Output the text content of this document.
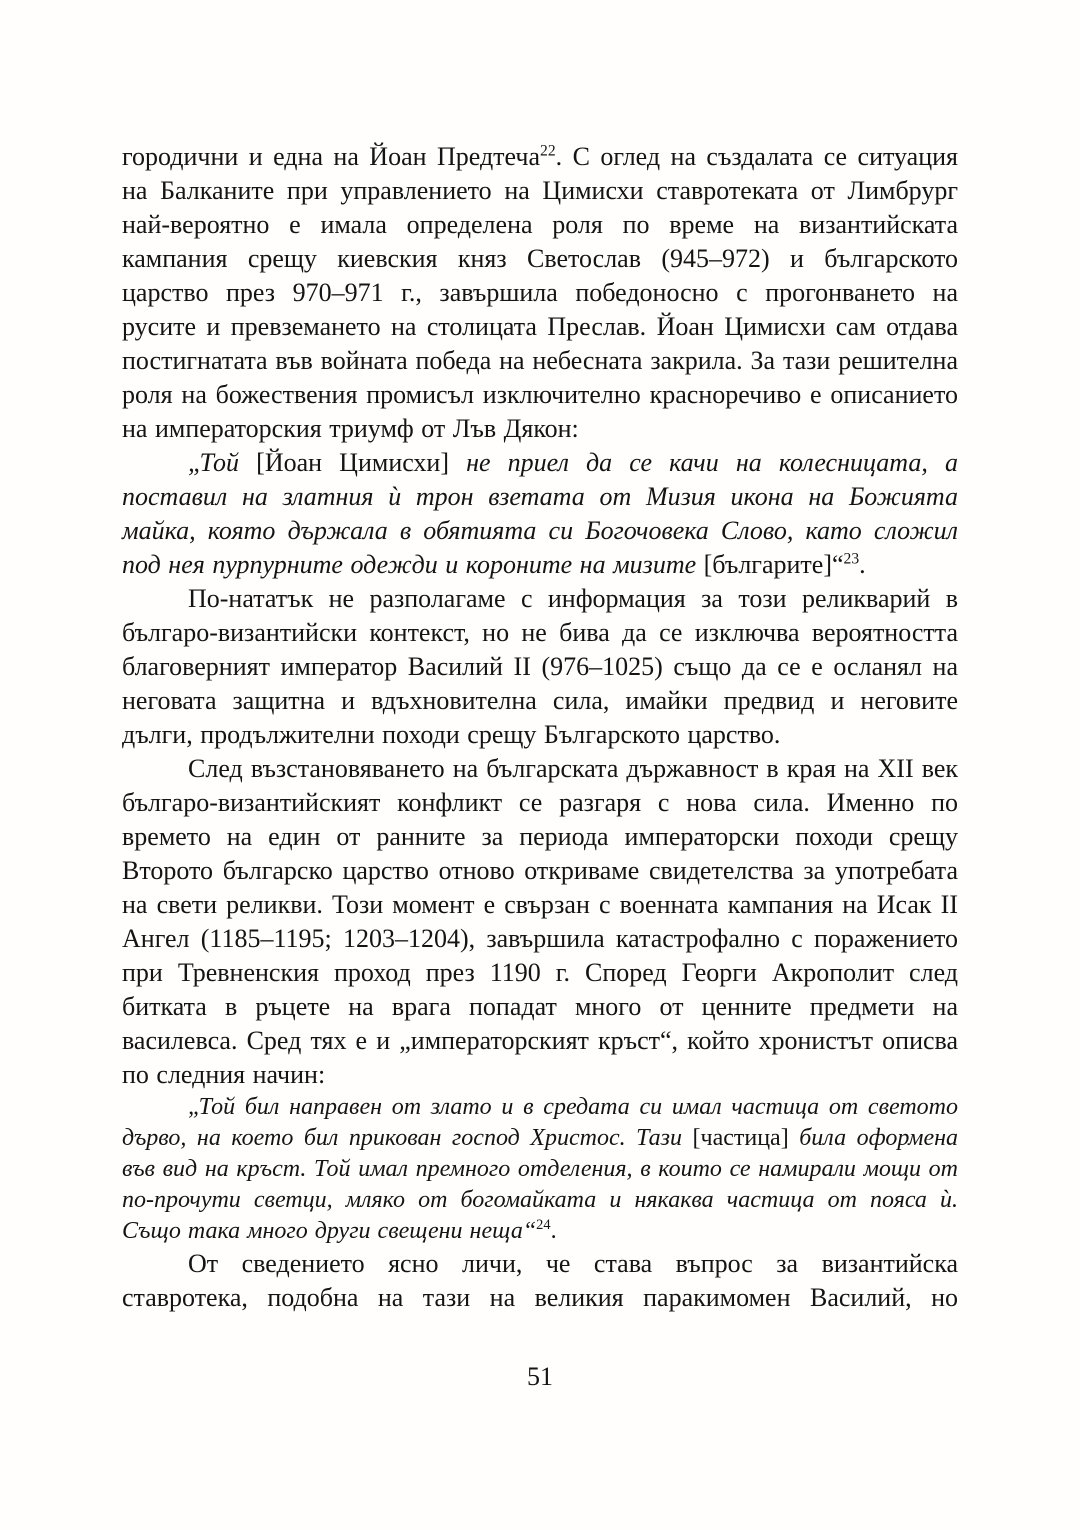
городични и една на Йоан Предтеча$^{22}$. С оглед на създалата се ситуация на Балканите при управлението на Цимисхи ставротеката от Лимбрург най-вероятно е имала определена роля по време на византийската кампания срещу киевския княз Светослав (945–972) и българското царство през 970–971 г., завършила победоносно с прогонването на русите и превземането на столицата Преслав. Йоан Цимисхи сам отдава постигнатата във войната победа на небесната закрила. За тази решителна роля на божествения промисъл изключително красноречиво е описанието на императорския триумф от Лъв Дякон:

„Той [Йоан Цимисхи] не приел да се качи на колесницата, а поставил на златния ѝ трон взетата от Мизия икона на Божията майка, която държала в обятията си Богочовека Слово, като сложил под нея пурпурните одежди и короните на мизите [българите]“$^{23}$.

По-нататък не разполагаме с информация за този реликварий в българо-византийски контекст, но не бива да се изключва вероятността благоверният император Василий II (976–1025) също да се е осланял на неговата защитна и вдъхновителна сила, имайки предвид и неговите дълги, продължителни походи срещу Българското царство.

След възстановяването на българската държавност в края на XII век българо-византийският конфликт се разгаря с нова сила. Именно по времето на един от ранните за периода императорски походи срещу Второто българско царство отново откриваме свидетелства за употребата на свети реликви. Този момент е свързан с военната кампания на Исак II Ангел (1185–1195; 1203–1204), завършила катастрофално с поражението при Тревненския проход през 1190 г. Според Георги Акрополит след битката в ръцете на врага попадат много от ценните предмети на василевса. Сред тях е и „императорският кръст“, който хронистът описва по следния начин:

„Той бил направен от злато и в средата си имал частица от светото дърво, на което бил прикован господ Христос. Тази [частица] била оформена във вид на кръст. Той имал премного отделения, в които се намирали мощи от по-прочути светци, мляко от богомайката и някаква частица от пояса ѝ. Също така много други свещени неща“$^{24}$.

От сведението ясно личи, че става въпрос за византийска ставротека, подобна на тази на великия паракимомен Василий, но

51
